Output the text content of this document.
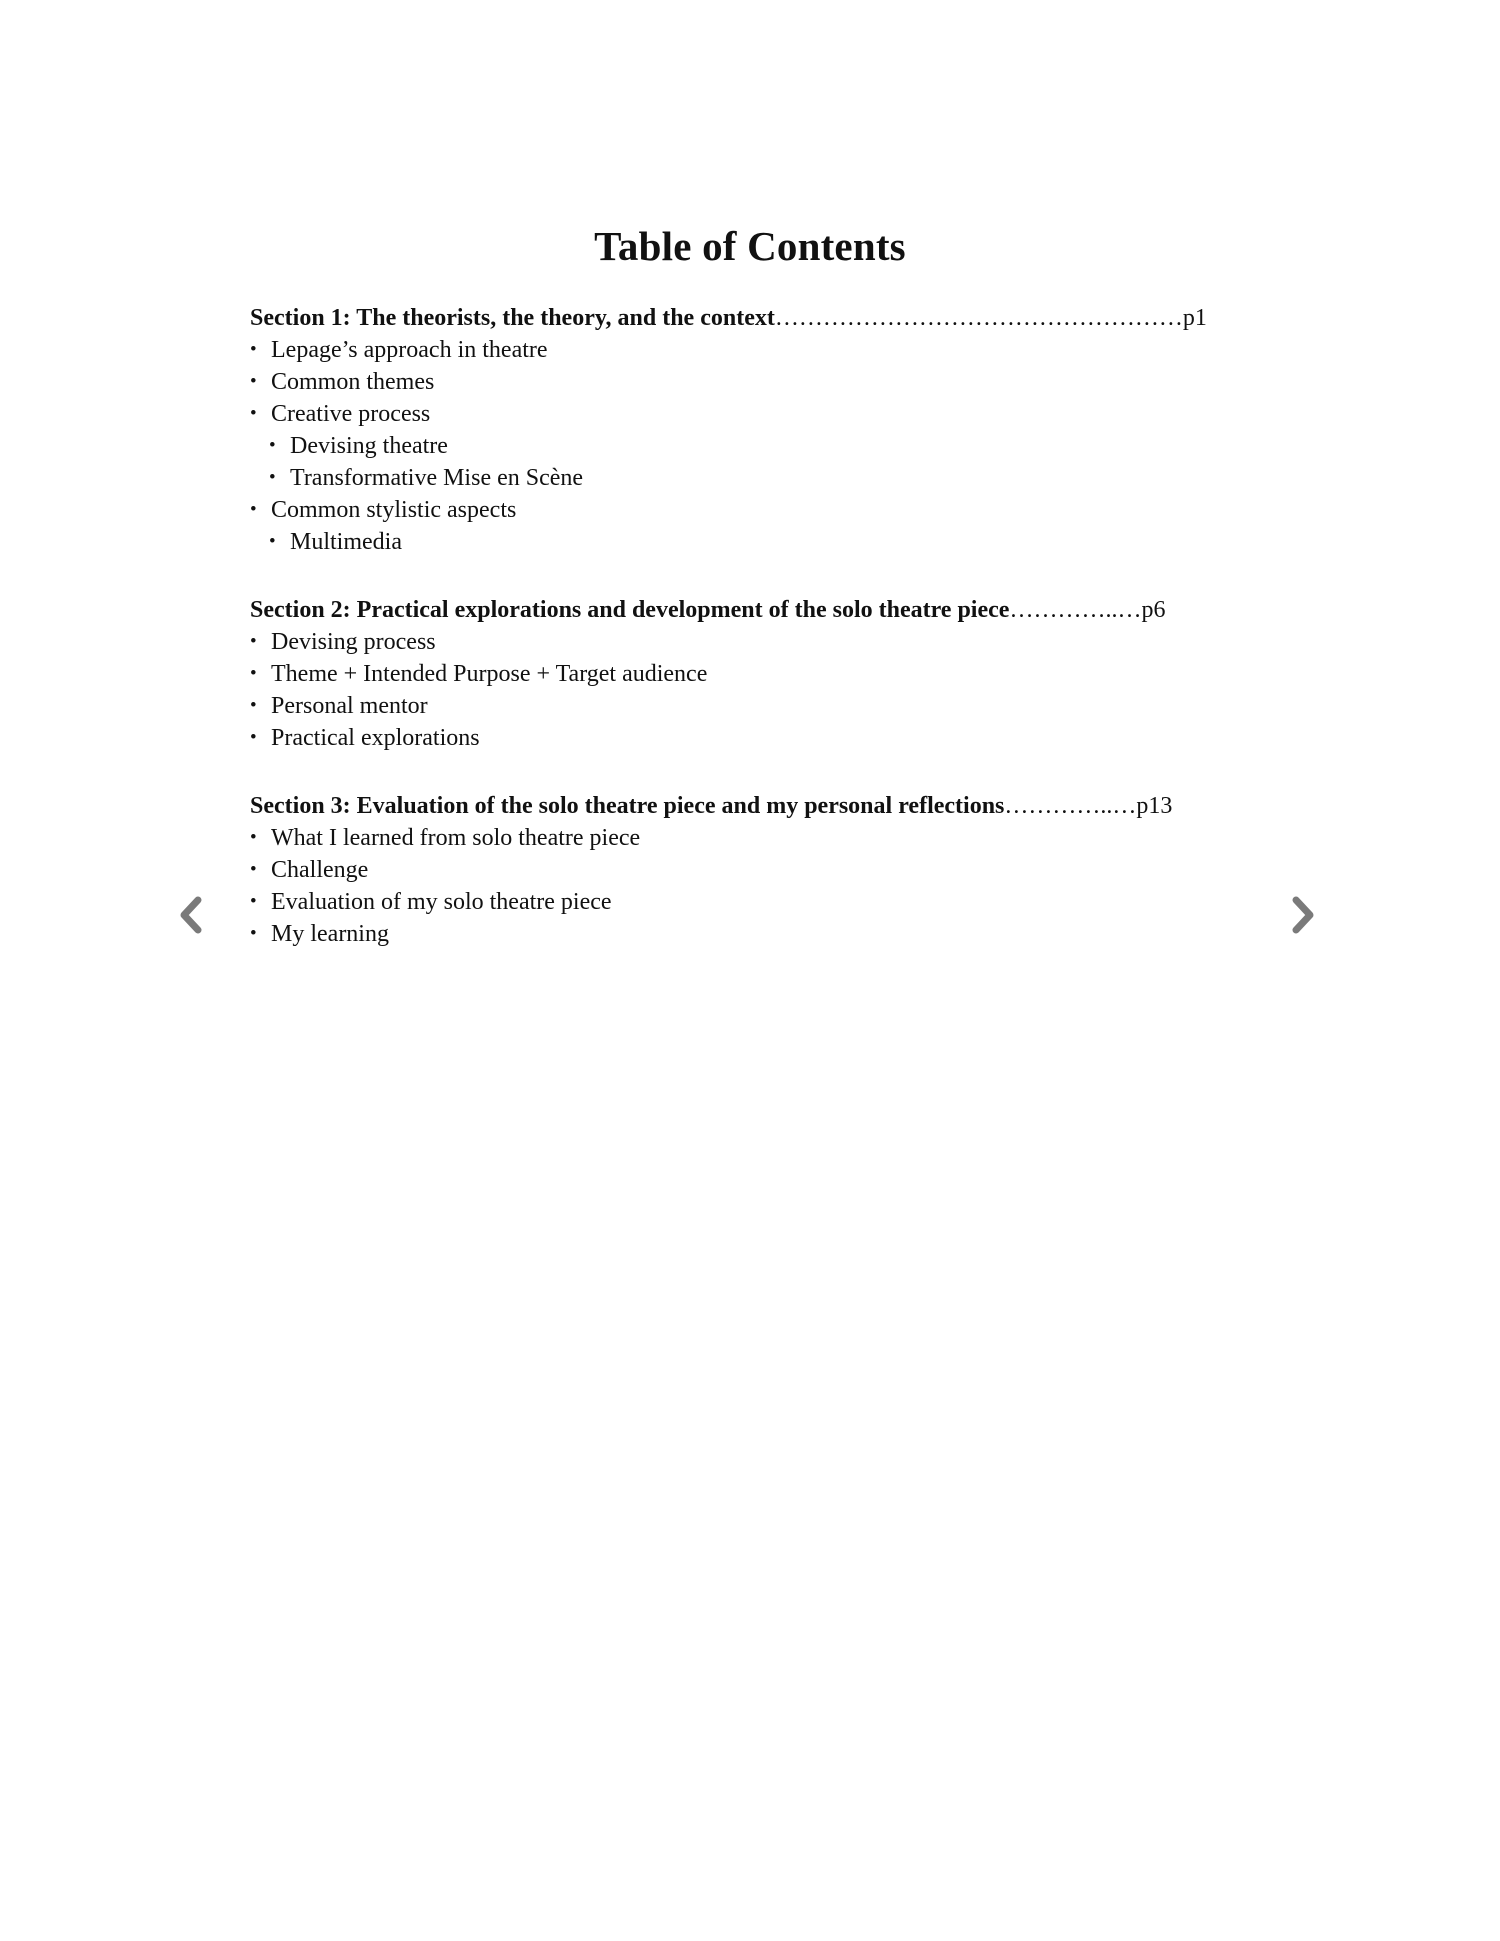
Table of Contents
Section 1: The theorists, the theory, and the context……………………………………………p1
• Lepage’s approach in theatre
• Common themes
• Creative process
• Devising theatre
• Transformative Mise en Scène
• Common stylistic aspects
• Multimedia
Section 2: Practical explorations and development of the solo theatre piece…………..…p6
• Devising process
• Theme + Intended Purpose + Target audience
• Personal mentor
• Practical explorations
Section 3: Evaluation of the solo theatre piece and my personal reflections…………..…p13
• What I learned from solo theatre piece
• Challenge
• Evaluation of my solo theatre piece
• My learning
